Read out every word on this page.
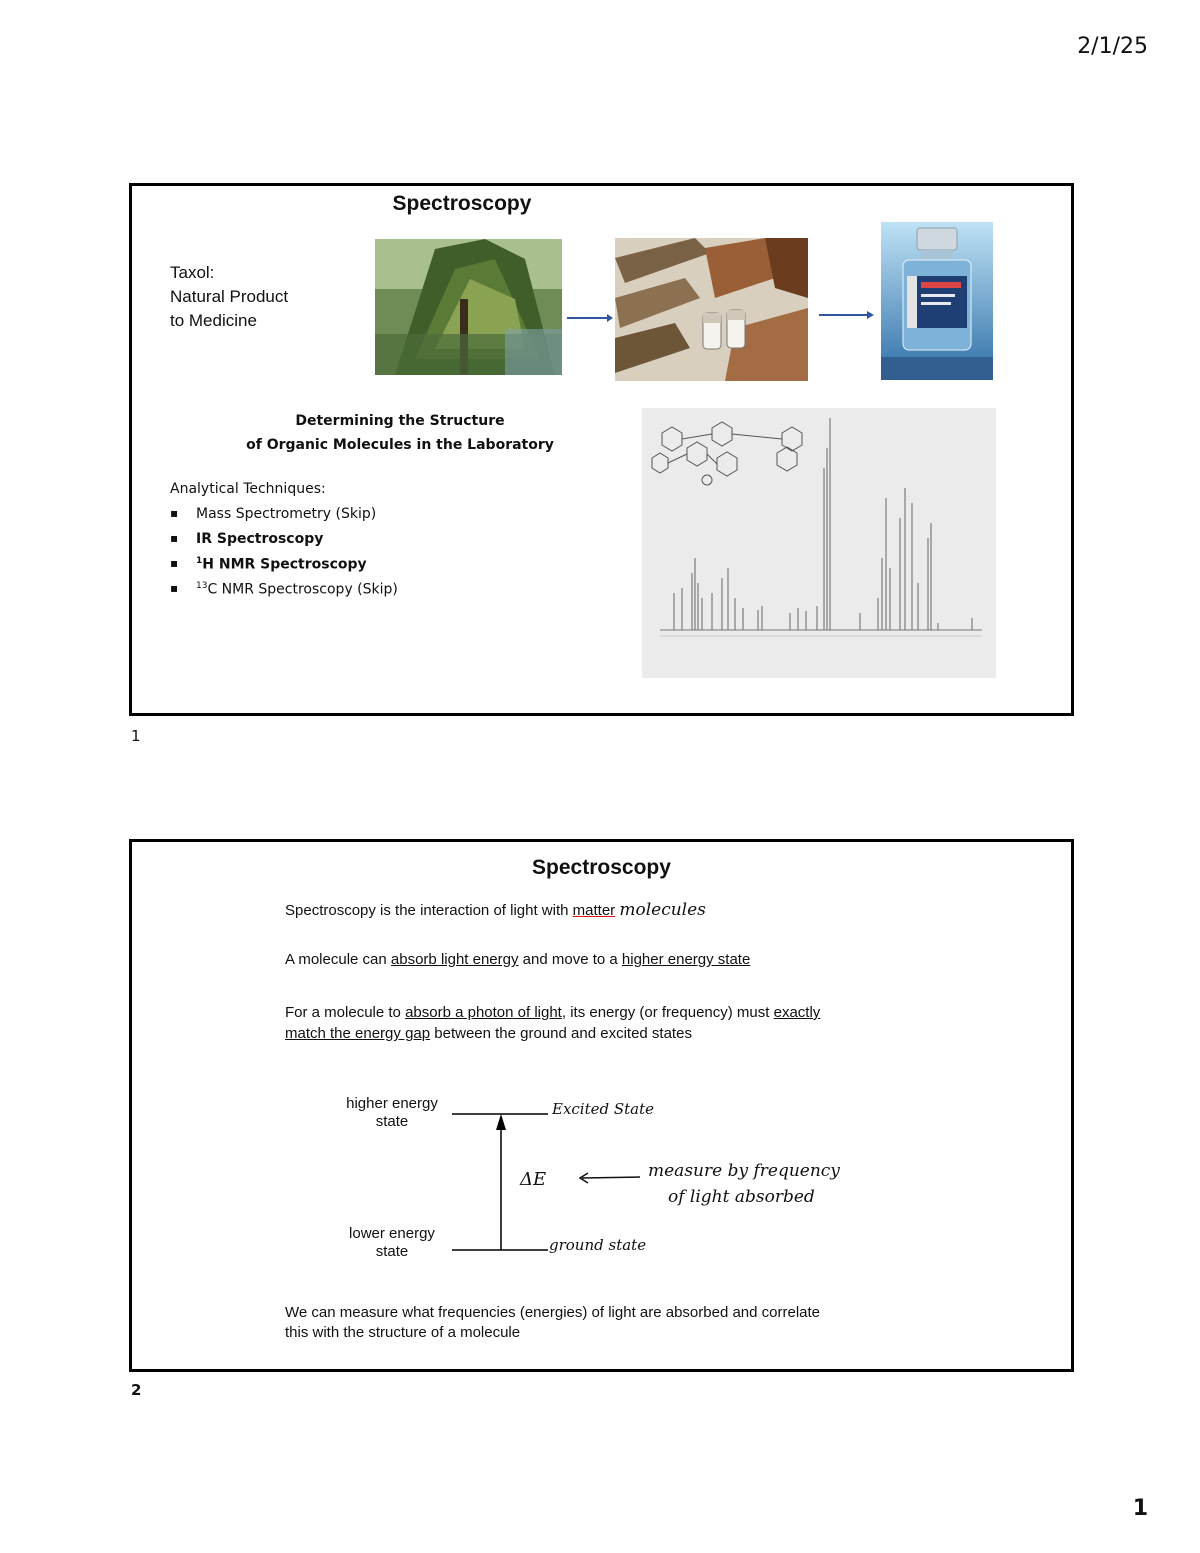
2/1/25
Spectroscopy
Taxol:
Natural Product
to Medicine
Determining the Structure
of Organic Molecules in the Laboratory
Analytical Techniques:
▪ Mass Spectrometry (Skip)
▪ IR Spectroscopy
▪ $^1$H NMR Spectroscopy
▪ $^{13}$C NMR Spectroscopy (Skip)
1
Spectroscopy
Spectroscopy is the interaction of light with matter molecules
A molecule can absorb light energy and move to a higher energy state
For a molecule to absorb a photon of light, its energy (or frequency) must exactly
match the energy gap between the ground and excited states
higher energy
state
lower energy
state
Excited State
ground state
ΔE	measure by frequency
of light absorbed
We can measure what frequencies (energies) of light are absorbed and correlate
this with the structure of a molecule
2
1
